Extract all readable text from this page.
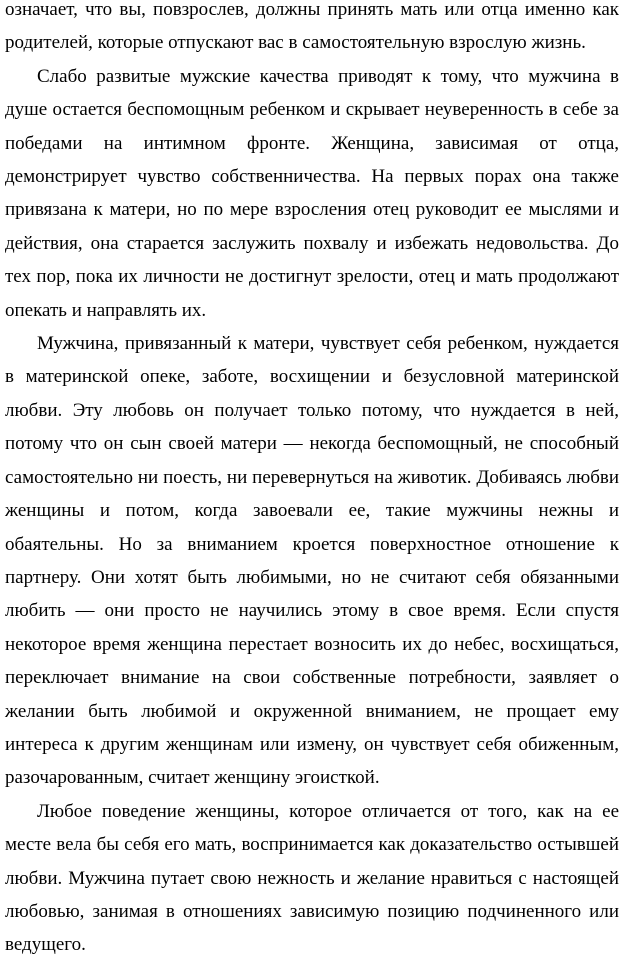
означает, что вы, повзрослев, должны принять мать или отца именно как родителей, которые отпускают вас в самостоятельную взрослую жизнь.

Слабо развитые мужские качества приводят к тому, что мужчина в душе остается беспомощным ребенком и скрывает неуверенность в себе за победами на интимном фронте. Женщина, зависимая от отца, демонстрирует чувство собственничества. На первых порах она также привязана к матери, но по мере взросления отец руководит ее мыслями и действия, она старается заслужить похвалу и избежать недовольства. До тех пор, пока их личности не достигнут зрелости, отец и мать продолжают опекать и направлять их.

Мужчина, привязанный к матери, чувствует себя ребенком, нуждается в материнской опеке, заботе, восхищении и безусловной материнской любви. Эту любовь он получает только потому, что нуждается в ней, потому что он сын своей матери — некогда беспомощный, не способный самостоятельно ни поесть, ни перевернуться на животик. Добиваясь любви женщины и потом, когда завоевали ее, такие мужчины нежны и обаятельны. Но за вниманием кроется поверхностное отношение к партнеру. Они хотят быть любимыми, но не считают себя обязанными любить — они просто не научились этому в свое время. Если спустя некоторое время женщина перестает возносить их до небес, восхищаться, переключает внимание на свои собственные потребности, заявляет о желании быть любимой и окруженной вниманием, не прощает ему интереса к другим женщинам или измену, он чувствует себя обиженным, разочарованным, считает женщину эгоисткой.

Любое поведение женщины, которое отличается от того, как на ее месте вела бы себя его мать, воспринимается как доказательство остывшей любви. Мужчина путает свою нежность и желание нравиться с настоящей любовью, занимая в отношениях зависимую позицию подчиненного или ведущего.
